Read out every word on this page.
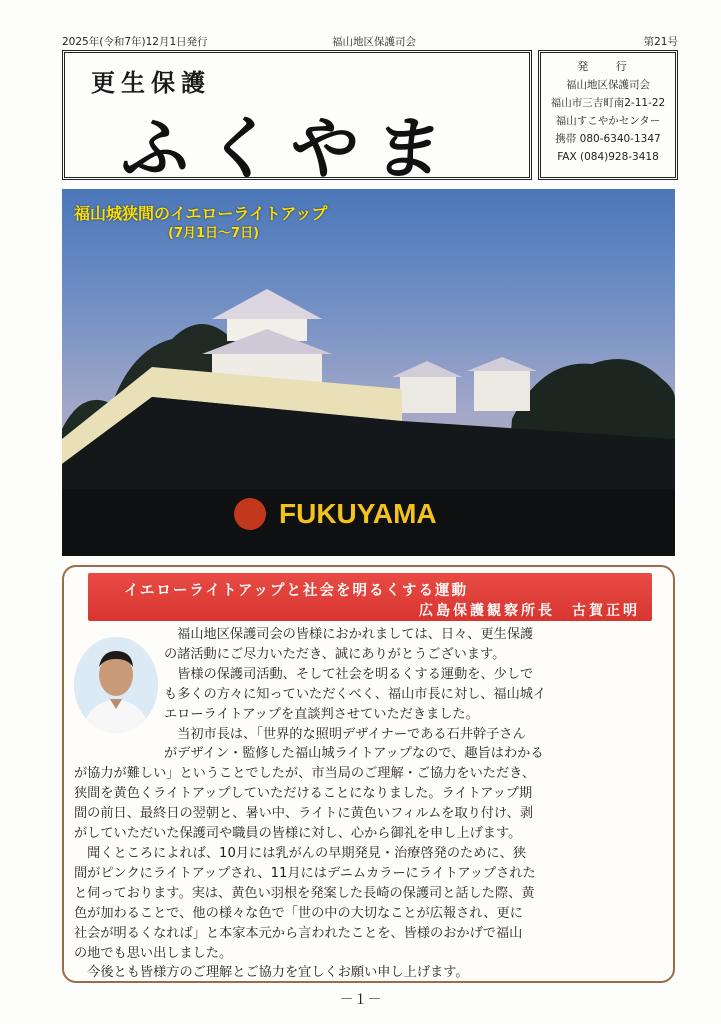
2025年(令和7年)12月1日発行	福山地区保護司会	第21号
更生保護
ふくやま
発 行
福山地区保護司会
福山市三吉町南2-11-22
福山すこやかセンター
携帯 080-6340-1347
FAX (084)928-3418
FUKUYAMA
福山城狭間のイエローライトアップ
(7月1日～7日)
イエローライトアップと社会を明るくする運動
広島保護観察所長　古賀正明

　福山地区保護司会の皆様におかれましては、日々、更生保護

の諸活動にご尽力いただき、誠にありがとうございます。

　皆様の保護司活動、そして社会を明るくする運動を、少しで

も多くの方々に知っていただくべく、福山市長に対し、福山城イ

エローライトアップを直談判させていただきました。

　当初市長は、「世界的な照明デザイナーである石井幹子さん

がデザイン・監修した福山城ライトアップなので、趣旨はわかる

が協力が難しい」ということでしたが、市当局のご理解・ご協力をいただき、

狭間を黄色くライトアップしていただけることになりました。ライトアップ期

間の前日、最終日の翌朝と、暑い中、ライトに黄色いフィルムを取り付け、剥

がしていただいた保護司や職員の皆様に対し、心から御礼を申し上げます。

　聞くところによれば、10月には乳がんの早期発見・治療啓発のために、狭

間がピンクにライトアップされ、11月にはデニムカラーにライトアップされた

と伺っております。実は、黄色い羽根を発案した長崎の保護司と話した際、黄

色が加わることで、他の様々な色で「世の中の大切なことが広報され、更に

社会が明るくなれば」と本家本元から言われたことを、皆様のおかげで福山

の地でも思い出しました。

　今後とも皆様方のご理解とご協力を宜しくお願い申し上げます。

－１－
